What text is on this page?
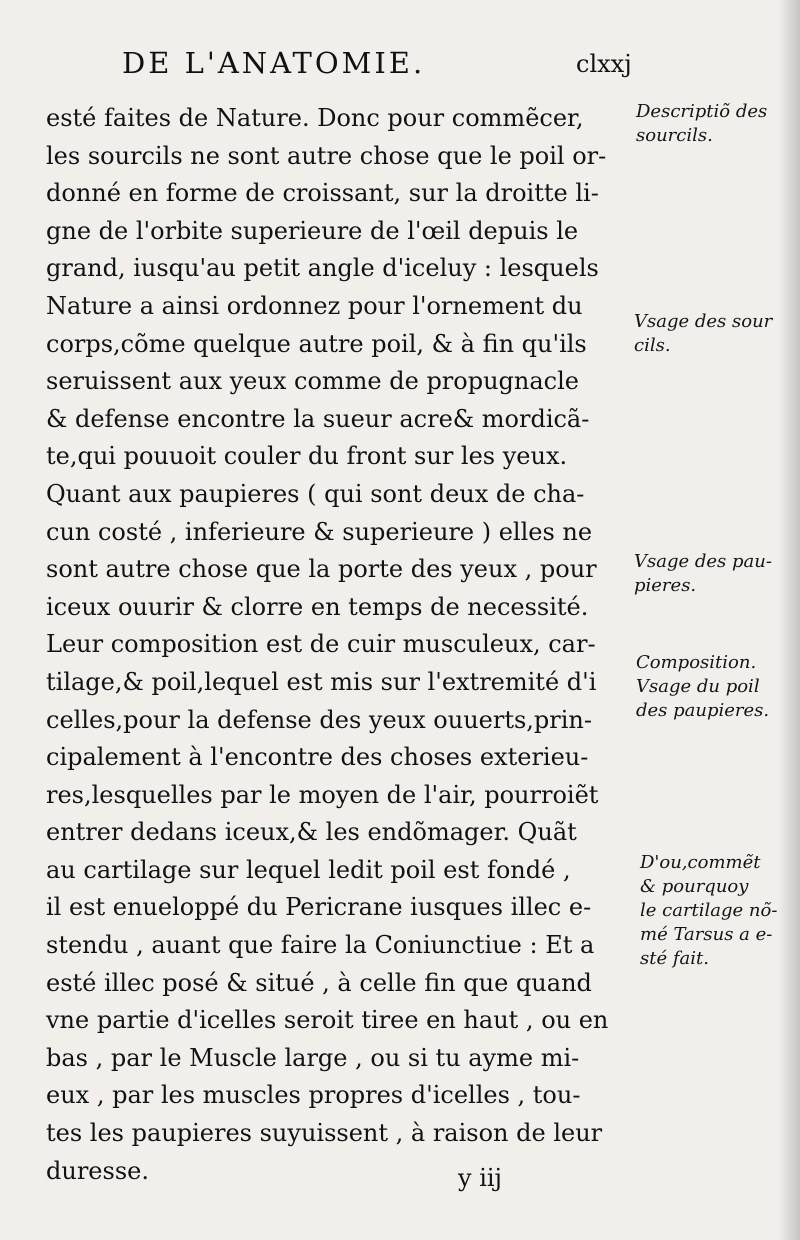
DE L'ANATOMIE.	clxxj
esté faites de Nature. Donc pour commẽcer,
les sourcils ne sont autre chose que le poil or-
donné en forme de croissant, sur la droitte li-
gne de l'orbite superieure de l'œil depuis le
grand, iusqu'au petit angle d'iceluy : lesquels
Nature a ainsi ordonnez pour l'ornement du
corps,cõme quelque autre poil, & à fin qu'ils
seruissent aux yeux comme de propugnacle
& defense encontre la sueur acre& mordicã-
te,qui pouuoit couler du front sur les yeux.
Quant aux paupieres ( qui sont deux de cha-
cun costé , inferieure & superieure ) elles ne
sont autre chose que la porte des yeux , pour
iceux ouurir & clorre en temps de necessité.
Leur composition est de cuir musculeux, car-
tilage,& poil,lequel est mis sur l'extremité d'i
celles,pour la defense des yeux ouuerts,prin-
cipalement à l'encontre des choses exterieu-
res,lesquelles par le moyen de l'air, pourroiẽt
entrer dedans iceux,& les endõmager. Quãt
au cartilage sur lequel ledit poil est fondé ,
il est enueloppé du Pericrane iusques illec e-
stendu , auant que faire la Coniunctiue : Et a
esté illec posé & situé , à celle fin que quand
vne partie d'icelles seroit tiree en haut , ou en
bas , par le Muscle large , ou si tu ayme mi-
eux , par les muscles propres d'icelles , tou-
tes les paupieres suyuissent , à raison de leur
duresse.
Descriptiõ des
sourcils.
Vsage des sour
cils.
Vsage des pau-
pieres.
Composition.
Vsage du poil
des paupieres.
D'ou,commẽt
& pourquoy
le cartilage nõ-
mé Tarsus a e-
sté fait.
y iij
